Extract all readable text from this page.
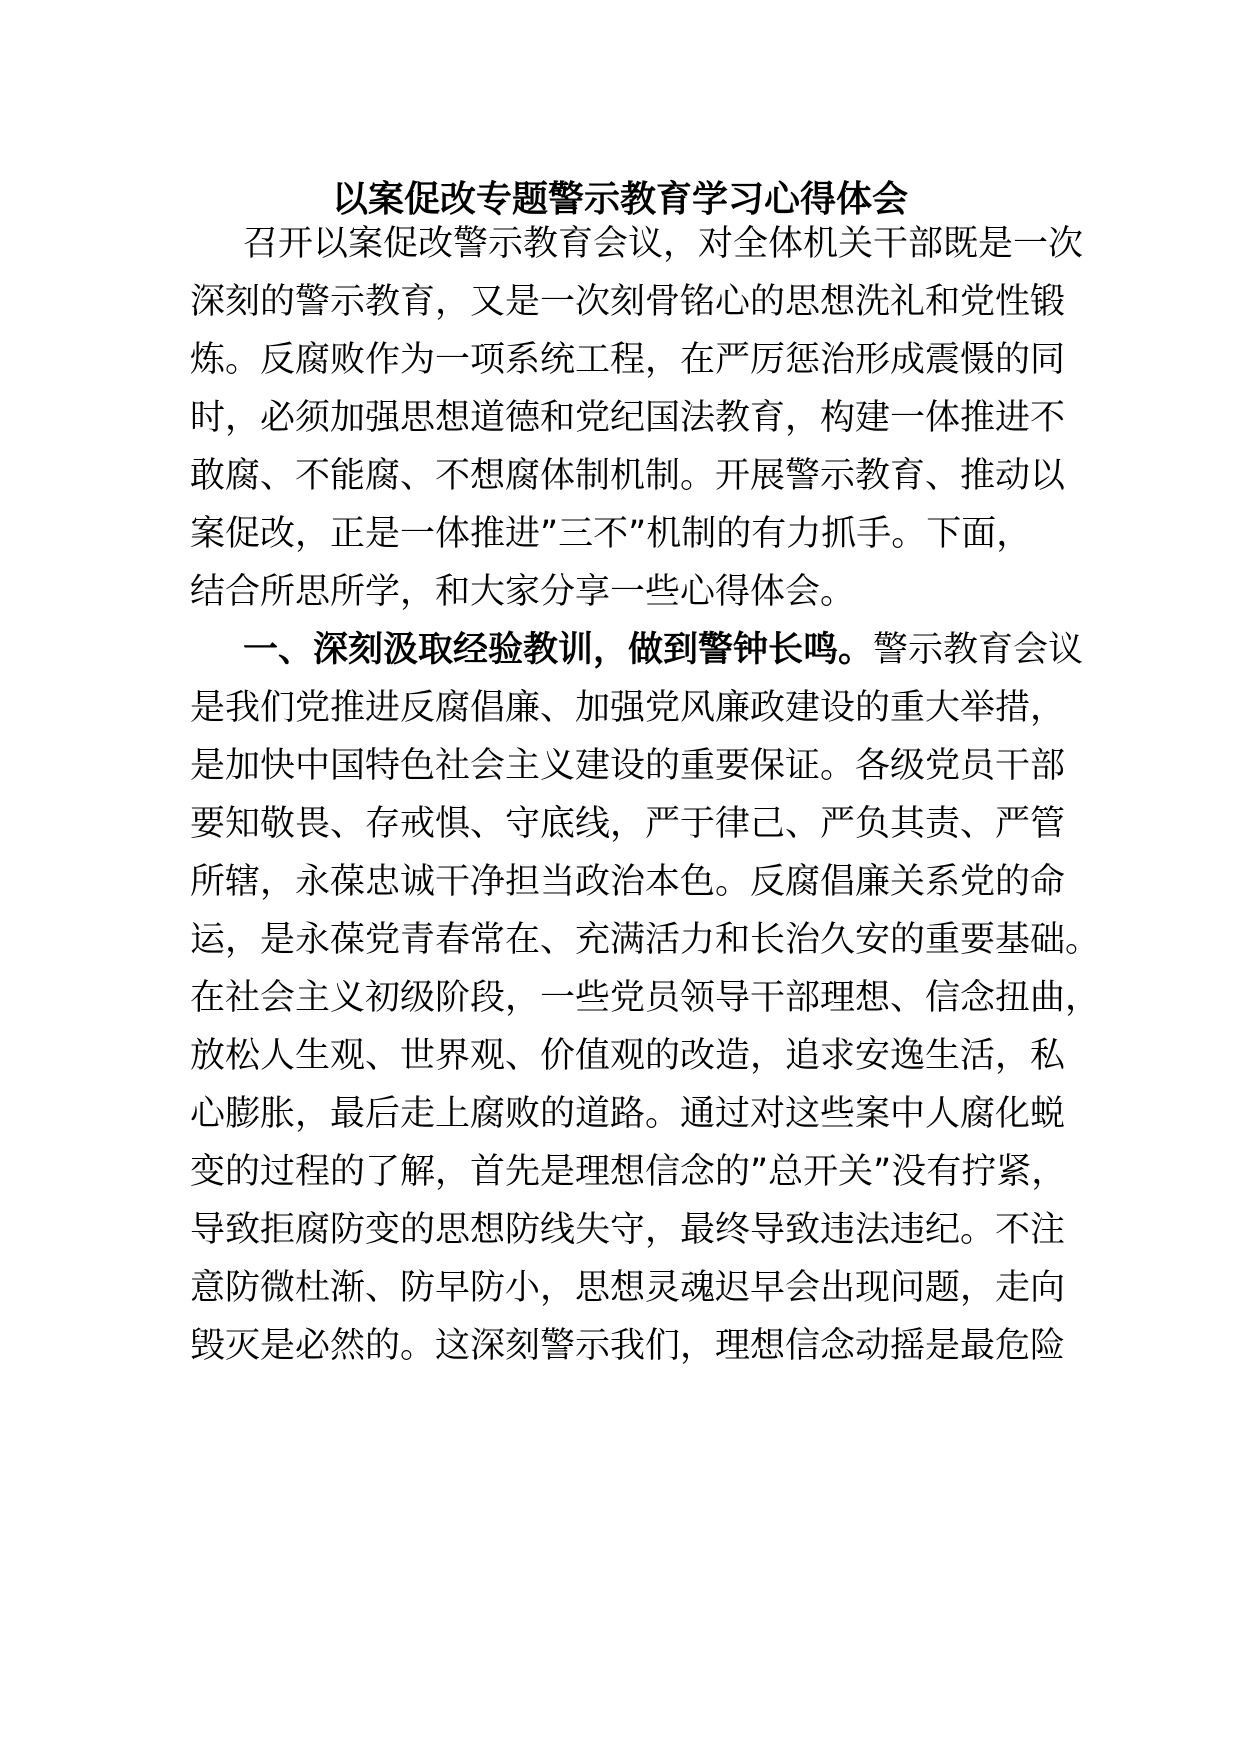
以案促改专题警示教育学习心得体会

召开以案促改警示教育会议，对全体机关干部既是一次

深刻的警示教育，又是一次刻骨铭心的思想洗礼和党性锻

炼。反腐败作为一项系统工程，在严厉惩治形成震慑的同

时，必须加强思想道德和党纪国法教育，构建一体推进不

敢腐、不能腐、不想腐体制机制。开展警示教育、推动以

案促改，正是一体推进”三不”机制的有力抓手。下面，

结合所思所学，和大家分享一些心得体会。

一、深刻汲取经验教训，做到警钟长鸣。警示教育会议

是我们党推进反腐倡廉、加强党风廉政建设的重大举措，

是加快中国特色社会主义建设的重要保证。各级党员干部

要知敬畏、存戒惧、守底线，严于律己、严负其责、严管

所辖，永葆忠诚干净担当政治本色。反腐倡廉关系党的命

运，是永葆党青春常在、充满活力和长治久安的重要基础。

在社会主义初级阶段，一些党员领导干部理想、信念扭曲，

放松人生观、世界观、价值观的改造，追求安逸生活，私

心膨胀，最后走上腐败的道路。通过对这些案中人腐化蜕

变的过程的了解，首先是理想信念的”总开关”没有拧紧，

导致拒腐防变的思想防线失守，最终导致违法违纪。不注

意防微杜渐、防早防小，思想灵魂迟早会出现问题，走向

毁灭是必然的。这深刻警示我们，理想信念动摇是最危险
